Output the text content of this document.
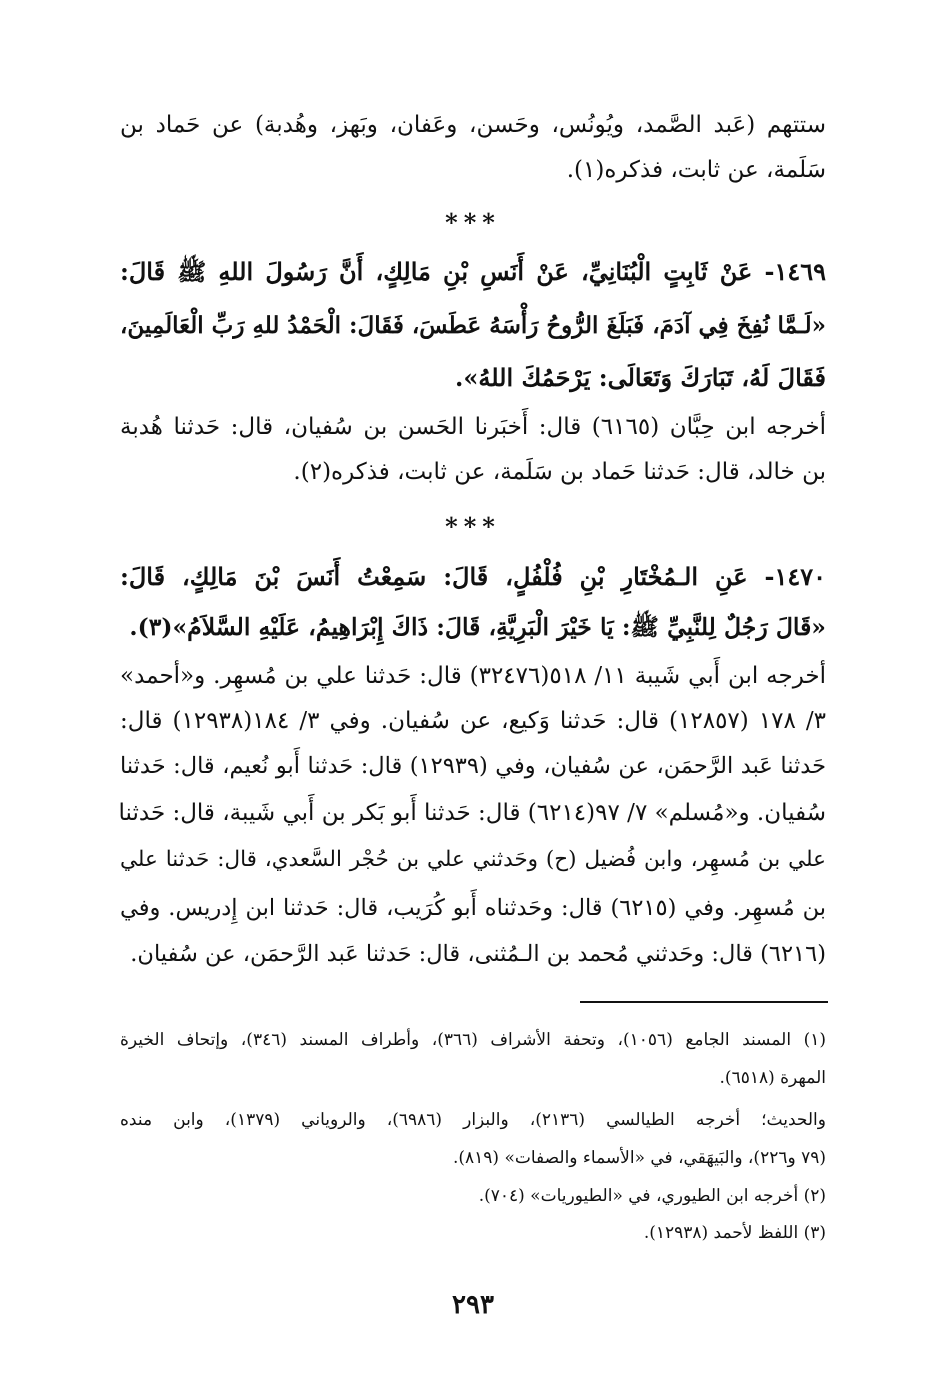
ستتهم (عَبد الصَّمد، ويُونُس، وحَسن، وعَفان، وبَهز، وهُدبة) عن حَماد بن
سَلَمة، عن ثابت، فذكره(١).
***
١٤٦٩- عَنْ ثَابِتٍ الْبُنَانِيِّ، عَنْ أَنَسِ بْنِ مَالِكٍ، أَنَّ رَسُولَ اللهِ ﷺ قَالَ:
«لَـمَّا نُفِخَ فِي آدَمَ، فَبَلَغَ الرُّوحُ رَأْسَهُ عَطَسَ، فَقَالَ: الْحَمْدُ للهِ رَبِّ الْعَالَمِينَ،
فَقَالَ لَهُ، تَبَارَكَ وَتَعَالَى: يَرْحَمُكَ اللهُ».
أخرجه ابن حِبَّان (٦١٦٥) قال: أَخبَرنا الحَسن بن سُفيان، قال: حَدثنا هُدبة
بن خالد، قال: حَدثنا حَماد بن سَلَمة، عن ثابت، فذكره(٢).
***
١٤٧٠- عَنِ الـمُخْتَارِ بْنِ فُلْفُلٍ، قَالَ: سَمِعْتُ أَنَسَ بْنَ مَالِكٍ، قَالَ:
«قَالَ رَجُلٌ لِلنَّبِيِّ ﷺ: يَا خَيْرَ الْبَرِيَّةِ، قَالَ: ذَاكَ إِبْرَاهِيمُ، عَلَيْهِ السَّلاَمُ»(٣).
أخرجه ابن أَبي شَيبة ١١/ ٥١٨(٣٢٤٧٦) قال: حَدثنا علي بن مُسهِر. و«أحمد»
٣/ ١٧٨ (١٢٨٥٧) قال: حَدثنا وَكيع، عن سُفيان. وفي ٣/ ١٨٤(١٢٩٣٨) قال:
حَدثنا عَبد الرَّحمَن، عن سُفيان، وفي (١٢٩٣٩) قال: حَدثنا أَبو نُعيم، قال: حَدثنا
سُفيان. و«مُسلم» ٧/ ٩٧(٦٢١٤) قال: حَدثنا أَبو بَكر بن أَبي شَيبة، قال: حَدثنا
علي بن مُسهِر، وابن فُضيل (ح) وحَدثني علي بن حُجْر السَّعدي، قال: حَدثنا علي
بن مُسهِر. وفي (٦٢١٥) قال: وحَدثناه أَبو كُرَيب، قال: حَدثنا ابن إِدريس. وفي
(٦٢١٦) قال: وحَدثني مُحمد بن الـمُثنى، قال: حَدثنا عَبد الرَّحمَن، عن سُفيان.
(١) المسند الجامع (١٠٥٦)، وتحفة الأشراف (٣٦٦)، وأطراف المسند (٣٤٦)، وإتحاف الخيرة
المهرة (٦٥١٨).
والحديث؛ أخرجه الطيالسي (٢١٣٦)، والبزار (٦٩٨٦)، والروياني (١٣٧٩)، وابن منده
(٧٩ و٢٢٦)، والبَيهَقي، في «الأسماء والصفات» (٨١٩).
(٢) أخرجه ابن الطيوري، في «الطيوريات» (٧٠٤).
(٣) اللفظ لأحمد (١٢٩٣٨).
٢٩٣
